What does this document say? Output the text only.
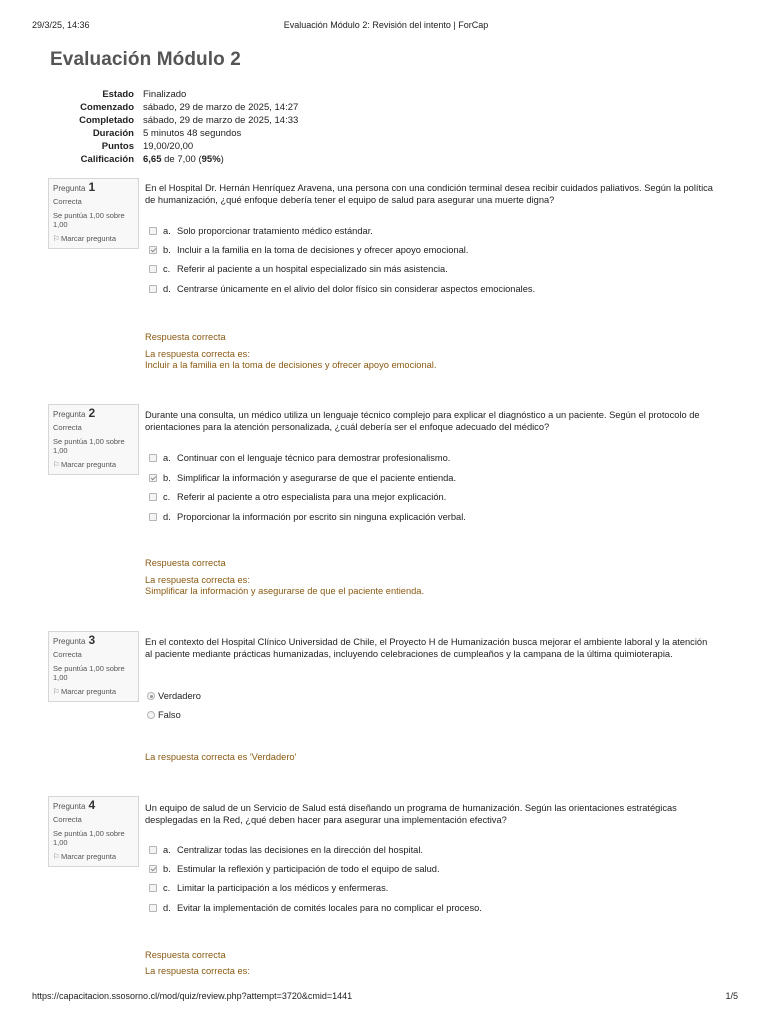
29/3/25, 14:36	Evaluación Módulo 2: Revisión del intento | ForCap
Evaluación Módulo 2
Estado Finalizado
Comenzado sábado, 29 de marzo de 2025, 14:27
Completado sábado, 29 de marzo de 2025, 14:33
Duración 5 minutos 48 segundos
Puntos 19,00/20,00
Calificación 6,65 de 7,00 (95%)
Pregunta 1
Correcta
Se puntúa 1,00 sobre 1,00
⚐ Marcar pregunta
En el Hospital Dr. Hernán Henríquez Aravena, una persona con una condición terminal desea recibir cuidados paliativos. Según la política de humanización, ¿qué enfoque debería tener el equipo de salud para asegurar una muerte digna?
a. Solo proporcionar tratamiento médico estándar.
b. Incluir a la familia en la toma de decisiones y ofrecer apoyo emocional.
c. Referir al paciente a un hospital especializado sin más asistencia.
d. Centrarse únicamente en el alivio del dolor físico sin considerar aspectos emocionales.
Respuesta correcta
La respuesta correcta es:
Incluir a la familia en la toma de decisiones y ofrecer apoyo emocional.
Pregunta 2
Correcta
Se puntúa 1,00 sobre 1,00
⚐ Marcar pregunta
Durante una consulta, un médico utiliza un lenguaje técnico complejo para explicar el diagnóstico a un paciente. Según el protocolo de orientaciones para la atención personalizada, ¿cuál debería ser el enfoque adecuado del médico?
a. Continuar con el lenguaje técnico para demostrar profesionalismo.
b. Simplificar la información y asegurarse de que el paciente entienda.
c. Referir al paciente a otro especialista para una mejor explicación.
d. Proporcionar la información por escrito sin ninguna explicación verbal.
Respuesta correcta
La respuesta correcta es:
Simplificar la información y asegurarse de que el paciente entienda.
Pregunta 3
Correcta
Se puntúa 1,00 sobre 1,00
⚐ Marcar pregunta
En el contexto del Hospital Clínico Universidad de Chile, el Proyecto H de Humanización busca mejorar el ambiente laboral y la atención al paciente mediante prácticas humanizadas, incluyendo celebraciones de cumpleaños y la campana de la última quimioterapia.
Verdadero
Falso
La respuesta correcta es 'Verdadero'
Pregunta 4
Correcta
Se puntúa 1,00 sobre 1,00
⚐ Marcar pregunta
Un equipo de salud de un Servicio de Salud está diseñando un programa de humanización. Según las orientaciones estratégicas desplegadas en la Red, ¿qué deben hacer para asegurar una implementación efectiva?
a. Centralizar todas las decisiones en la dirección del hospital.
b. Estimular la reflexión y participación de todo el equipo de salud.
c. Limitar la participación a los médicos y enfermeras.
d. Evitar la implementación de comités locales para no complicar el proceso.
Respuesta correcta
La respuesta correcta es:
https://capacitacion.ssosorno.cl/mod/quiz/review.php?attempt=3720&cmid=1441	1/5
